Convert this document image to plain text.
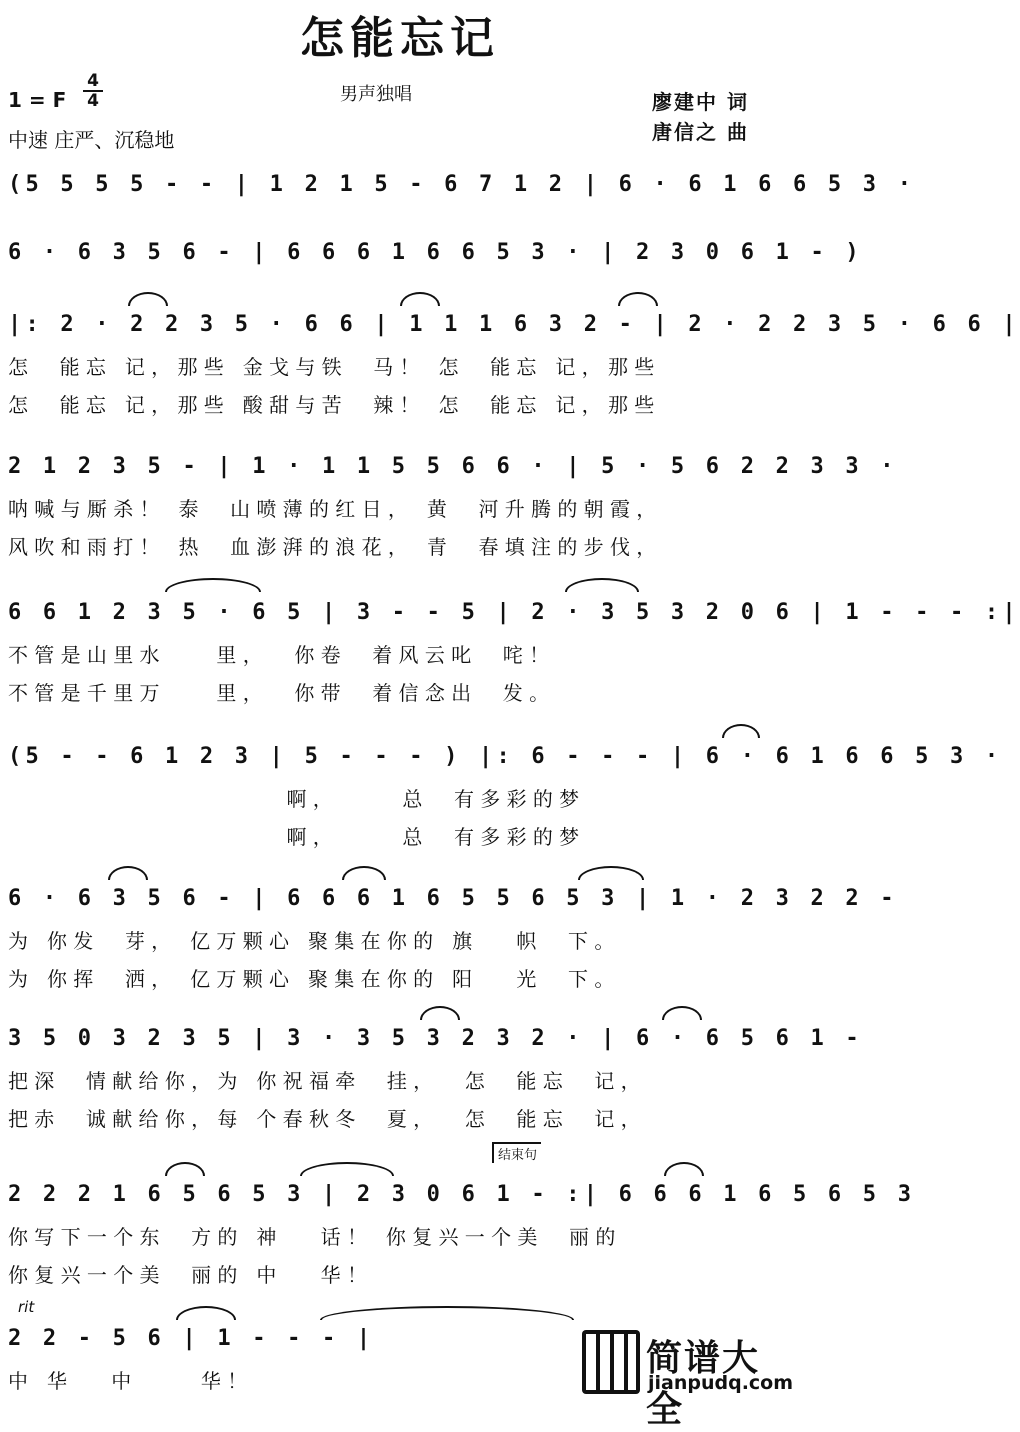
怎能忘记
1 = F
4
4
中速 庄严、沉稳地
男声独唱	廖建中 词
唐信之 曲
(5 5 5 5 - - | 1 2 1 5 - 6 7 1 2 | 6 · 6 1 6 6 5 3 ·
6 · 6 3 5 6 - | 6 6 6 1 6 6 5 3 · | 2 3 0 6 1 - )
|: 2 · 2 2 3 5 · 6 6 | 1 1 1 6 3 2 - | 2 · 2 2 3 5 · 6 6 |
怎  能忘 记，那些 金戈与铁  马！ 怎  能忘 记，那些
怎  能忘 记，那些 酸甜与苦  辣！ 怎  能忘 记，那些
2 1 2 3 5 - | 1 · 1 1 5 5 6 6 · | 5 · 5 6 2 2 3 3 ·
呐喊与厮杀！ 泰  山喷薄的红日， 黄  河升腾的朝霞，
风吹和雨打！ 热  血澎湃的浪花， 青  春填注的步伐，
6 6 1 2 3 5 · 6 5 | 3 - - 5 | 2 · 3 5 3 2 0 6 | 1 - - - :|
不管是山里水    里，  你卷  着风云叱  咤！
不管是千里万    里，  你带  着信念出  发。
(5 - - 6 1 2 3 | 5 - - - ) |: 6 - - - | 6 · 6 1 6 6 5 3 ·
啊，     总  有多彩的梦
啊，     总  有多彩的梦
6 · 6 3 5 6 - | 6 6 6 1 6 5 5 6 5 3 | 1 · 2 3 2 2 -
为 你发  芽， 亿万颗心 聚集在你的 旗   帜  下。
为 你挥  洒， 亿万颗心 聚集在你的 阳   光  下。
3 5 0 3 2 3 5 | 3 · 3 5 3 2 3 2 · | 6 · 6 5 6 1 -
把深  情献给你，为 你祝福牵  挂，  怎  能忘  记，
把赤  诚献给你，每 个春秋冬  夏，  怎  能忘  记，
结束句
2 2 2 1 6 5 6 5 3 | 2 3 0 6 1 - :| 6 6 6 1 6 5 6 5 3
你写下一个东  方的 神   话！ 你复兴一个美  丽的
你复兴一个美  丽的 中   华！
rit
2 2 - 5 6 | 1 - - - |
中 华   中     华！
简谱大全
jianpudq.com
